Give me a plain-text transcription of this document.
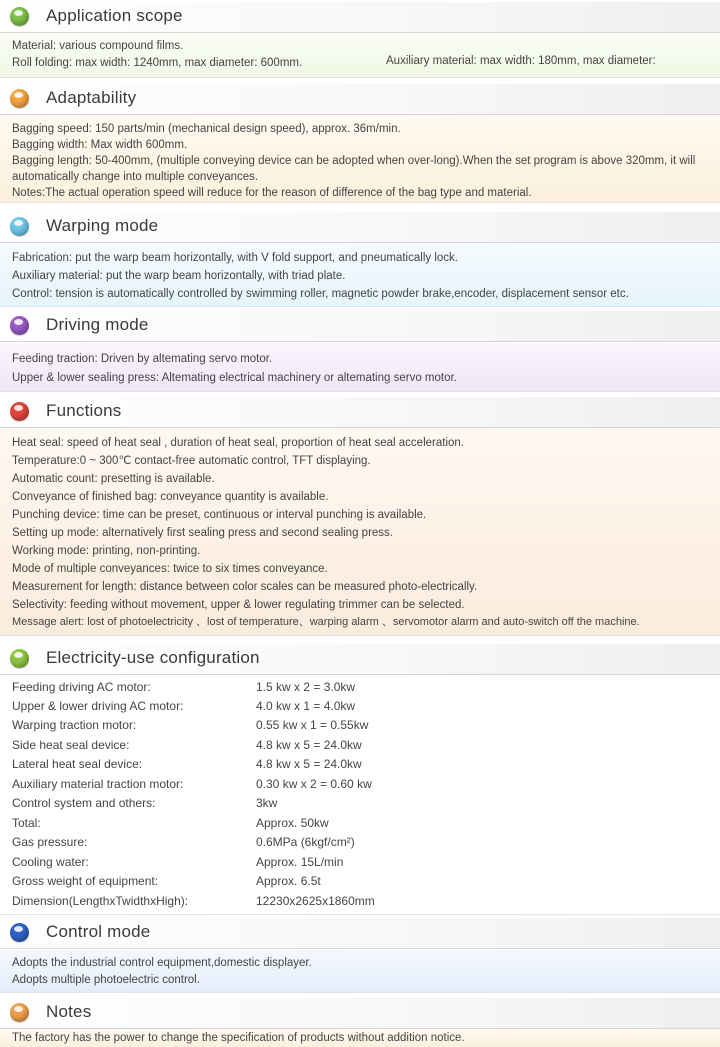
Application scope
Material: various compound films.
Roll folding: max width: 1240mm, max diameter: 600mm.	Auxiliary material: max width: 180mm, max diameter:
Adaptability
Bagging speed: 150 parts/min (mechanical design speed), approx. 36m/min.
Bagging width: Max width 600mm.
Bagging length: 50-400mm, (multiple conveying device can be adopted when over-long).When the set program is above 320mm, it will automatically change into multiple conveyances.
Notes:The actual operation speed will reduce for the reason of difference of the bag type and material.
Warping mode
Fabrication: put the warp beam horizontally, with V fold support, and pneumatically lock.
Auxiliary material: put the warp beam horizontally, with triad plate.
Control: tension is automatically controlled by swimming roller, magnetic powder brake,encoder, displacement sensor etc.
Driving mode
Feeding traction: Driven by altemating servo motor.
Upper & lower sealing press: Altemating electrical machinery or altemating servo motor.
Functions
Heat seal: speed of heat seal , duration of heat seal, proportion of heat seal acceleration.
Temperature:0 ~ 300℃ contact-free automatic control, TFT displaying.
Automatic count: presetting is available.
Conveyance of finished bag: conveyance quantity is available.
Punching device: time can be preset, continuous or interval punching is available.
Setting up mode: alternatively first sealing press and second sealing press.
Working mode: printing, non-printing.
Mode of multiple conveyances: twice to six times conveyance.
Measurement for length: distance between color scales can be measured photo-electrically.
Selectivity: feeding without movement, upper & lower regulating trimmer can be selected.
Message alert: lost of photoelectricity 、lost of temperature、warping alarm 、servomotor alarm and auto-switch off the machine.
Electricity-use configuration
Feeding driving AC motor:	1.5 kw x 2 = 3.0kw
Upper & lower driving AC motor:	4.0 kw x 1 = 4.0kw
Warping traction motor:	0.55 kw x 1 = 0.55kw
Side heat seal device:	4.8 kw x 5 = 24.0kw
Lateral heat seal device:	4.8 kw x 5 = 24.0kw
Auxiliary material traction motor:	0.30 kw x 2 = 0.60 kw
Control system and others:	3kw
Total:	Approx. 50kw
Gas pressure:	0.6MPa (6kgf/cm²)
Cooling water:	Approx. 15L/min
Gross weight of equipment:	Approx. 6.5t
Dimension(LengthxTwidthxHigh):	12230x2625x1860mm
Control mode
Adopts the industrial control equipment,domestic displayer.
Adopts multiple photoelectric control.
Notes
The factory has the power to change the specification of products without addition notice.
